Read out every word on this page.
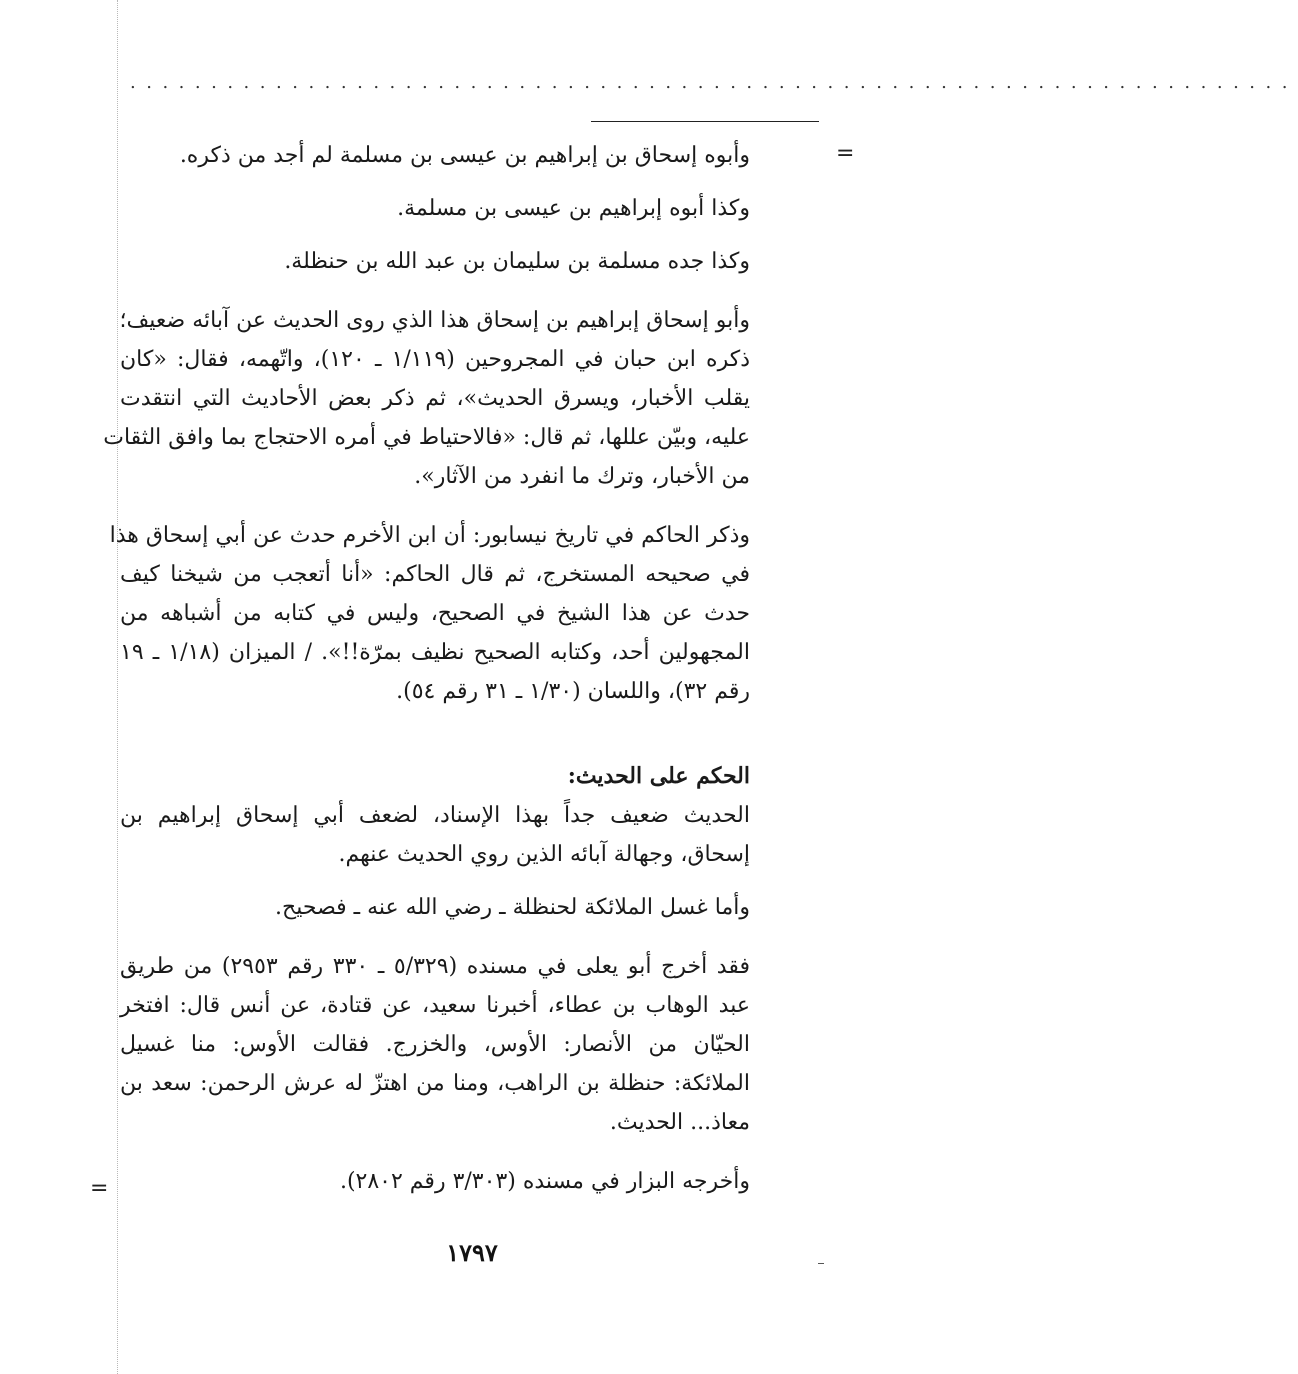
........................................................................
=
=
وأبوه إسحاق بن إبراهيم بن عيسى بن مسلمة لم أجد من ذكره.
وكذا أبوه إبراهيم بن عيسى بن مسلمة.
وكذا جده مسلمة بن سليمان بن عبد الله بن حنظلة.
وأبو إسحاق إبراهيم بن إسحاق هذا الذي روى الحديث عن آبائه ضعيف؛
ذكره ابن حبان في المجروحين (١/١١٩ ـ ١٢٠)، واتّهمه، فقال: «كان
يقلب الأخبار، ويسرق الحديث»، ثم ذكر بعض الأحاديث التي انتقدت
عليه، وبيّن عللها، ثم قال: «فالاحتياط في أمره الاحتجاج بما وافق الثقات
من الأخبار، وترك ما انفرد من الآثار».
وذكر الحاكم في تاريخ نيسابور: أن ابن الأخرم حدث عن أبي إسحاق هذا
في صحيحه المستخرج، ثم قال الحاكم: «أنا أتعجب من شيخنا كيف
حدث عن هذا الشيخ في الصحيح، وليس في كتابه من أشباهه من
المجهولين أحد، وكتابه الصحيح نظيف بمرّة!!». / الميزان (١/١٨ ـ ١٩
رقم ٣٢)، واللسان (١/٣٠ ـ ٣١ رقم ٥٤).
الحكم على الحديث:
الحديث ضعيف جداً بهذا الإسناد، لضعف أبي إسحاق إبراهيم بن
إسحاق، وجهالة آبائه الذين روي الحديث عنهم.
وأما غسل الملائكة لحنظلة ـ رضي الله عنه ـ فصحيح.
فقد أخرج أبو يعلى في مسنده (٥/٣٢٩ ـ ٣٣٠ رقم ٢٩٥٣) من طريق
عبد الوهاب بن عطاء، أخبرنا سعيد، عن قتادة، عن أنس قال: افتخر
الحيّان من الأنصار: الأوس، والخزرج. فقالت الأوس: منا غسيل
الملائكة: حنظلة بن الراهب، ومنا من اهتزّ له عرش الرحمن: سعد بن
معاذ... الحديث.
وأخرجه البزار في مسنده (٣/٣٠٣ رقم ٢٨٠٢).
١٧٩٧
